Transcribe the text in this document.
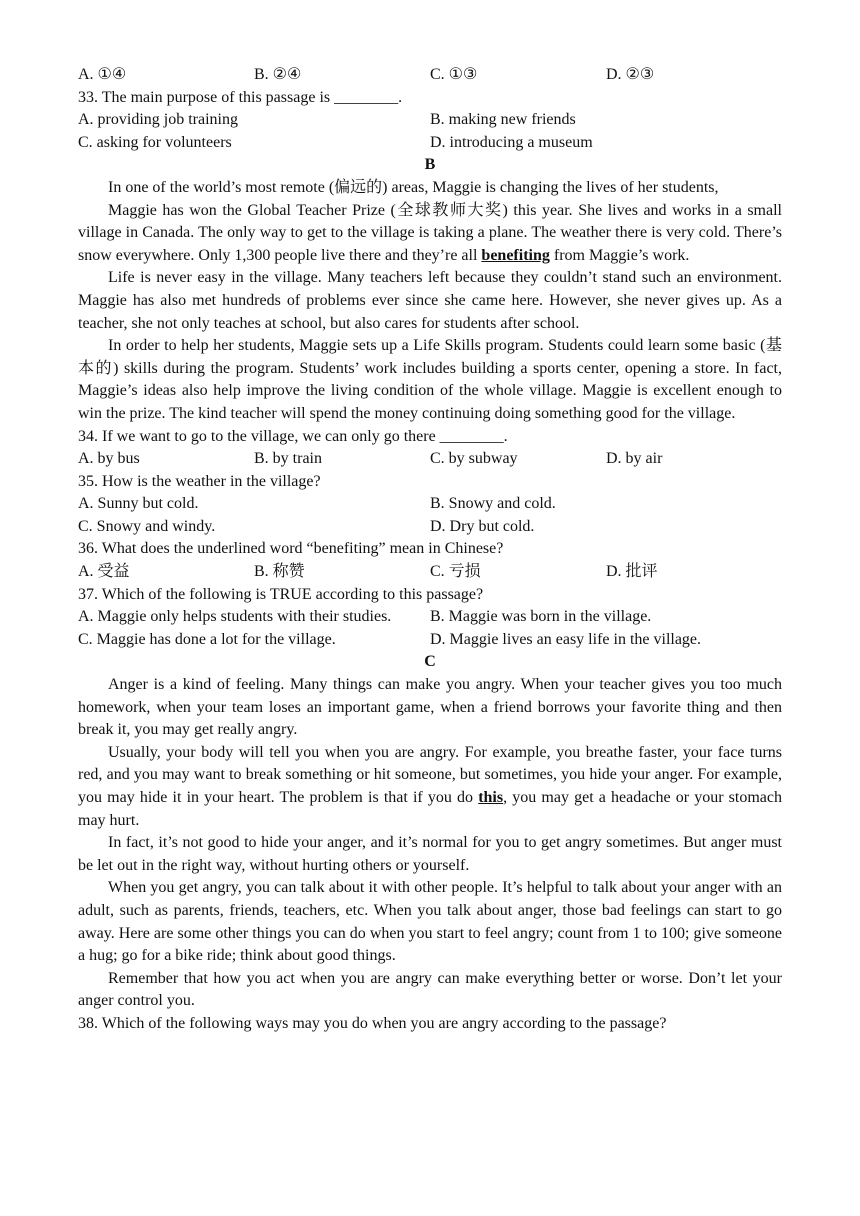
A. ①④	B. ②④	C. ①③	D. ②③
33. The main purpose of this passage is ________.
A. providing job training	B. making new friends
C. asking for volunteers	D. introducing a museum
B
In one of the world’s most remote (偏远的) areas, Maggie is changing the lives of her students,
Maggie has won the Global Teacher Prize (全球教师大奖) this year. She lives and works in a small village in Canada. The only way to get to the village is taking a plane. The weather there is very cold. There’s snow everywhere. Only 1,300 people live there and they’re all benefiting from Maggie’s work.
Life is never easy in the village. Many teachers left because they couldn’t stand such an environment. Maggie has also met hundreds of problems ever since she came here. However, she never gives up. As a teacher, she not only teaches at school, but also cares for students after school.
In order to help her students, Maggie sets up a Life Skills program. Students could learn some basic (基本的) skills during the program. Students’ work includes building a sports center, opening a store. In fact, Maggie’s ideas also help improve the living condition of the whole village. Maggie is excellent enough to win the prize. The kind teacher will spend the money continuing doing something good for the village.
34. If we want to go to the village, we can only go there ________.
A. by bus	B. by train	C. by subway	D. by air
35. How is the weather in the village?
A. Sunny but cold.	B. Snowy and cold.
C. Snowy and windy.	D. Dry but cold.
36. What does the underlined word “benefiting” mean in Chinese?
A. 受益	B. 称赞	C. 亏损	D. 批评
37. Which of the following is TRUE according to this passage?
A. Maggie only helps students with their studies.	B. Maggie was born in the village.
C. Maggie has done a lot for the village.	D. Maggie lives an easy life in the village.
C
Anger is a kind of feeling. Many things can make you angry. When your teacher gives you too much homework, when your team loses an important game, when a friend borrows your favorite thing and then break it, you may get really angry.
Usually, your body will tell you when you are angry. For example, you breathe faster, your face turns red, and you may want to break something or hit someone, but sometimes, you hide your anger. For example, you may hide it in your heart. The problem is that if you do this, you may get a headache or your stomach may hurt.
In fact, it’s not good to hide your anger, and it’s normal for you to get angry sometimes. But anger must be let out in the right way, without hurting others or yourself.
When you get angry, you can talk about it with other people. It’s helpful to talk about your anger with an adult, such as parents, friends, teachers, etc. When you talk about anger, those bad feelings can start to go away. Here are some other things you can do when you start to feel angry; count from 1 to 100; give someone a hug; go for a bike ride; think about good things.
Remember that how you act when you are angry can make everything better or worse. Don’t let your anger control you.
38. Which of the following ways may you do when you are angry according to the passage?
